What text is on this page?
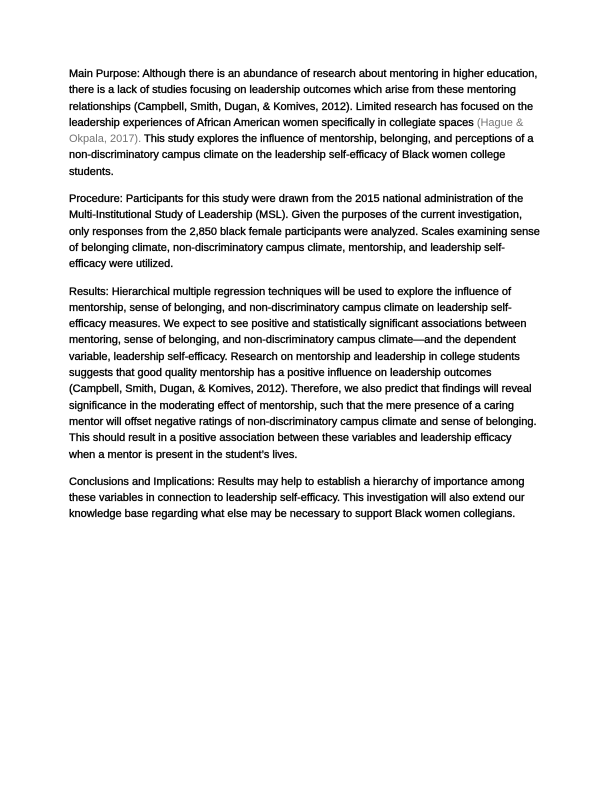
Main Purpose: Although there is an abundance of research about mentoring in higher education, there is a lack of studies focusing on leadership outcomes which arise from these mentoring relationships (Campbell, Smith, Dugan, & Komives, 2012). Limited research has focused on the leadership experiences of African American women specifically in collegiate spaces (Hague & Okpala, 2017). This study explores the influence of mentorship, belonging, and perceptions of a non-discriminatory campus climate on the leadership self-efficacy of Black women college students.

Procedure: Participants for this study were drawn from the 2015 national administration of the Multi-Institutional Study of Leadership (MSL). Given the purposes of the current investigation, only responses from the 2,850 black female participants were analyzed. Scales examining sense of belonging climate, non-discriminatory campus climate, mentorship, and leadership self-efficacy were utilized.

Results: Hierarchical multiple regression techniques will be used to explore the influence of mentorship, sense of belonging, and non-discriminatory campus climate on leadership self-efficacy measures. We expect to see positive and statistically significant associations between mentoring, sense of belonging, and non-discriminatory campus climate—and the dependent variable, leadership self-efficacy. Research on mentorship and leadership in college students suggests that good quality mentorship has a positive influence on leadership outcomes (Campbell, Smith, Dugan, & Komives, 2012). Therefore, we also predict that findings will reveal significance in the moderating effect of mentorship, such that the mere presence of a caring mentor will offset negative ratings of non-discriminatory campus climate and sense of belonging. This should result in a positive association between these variables and leadership efficacy when a mentor is present in the student’s lives.

Conclusions and Implications: Results may help to establish a hierarchy of importance among these variables in connection to leadership self-efficacy. This investigation will also extend our knowledge base regarding what else may be necessary to support Black women collegians.
